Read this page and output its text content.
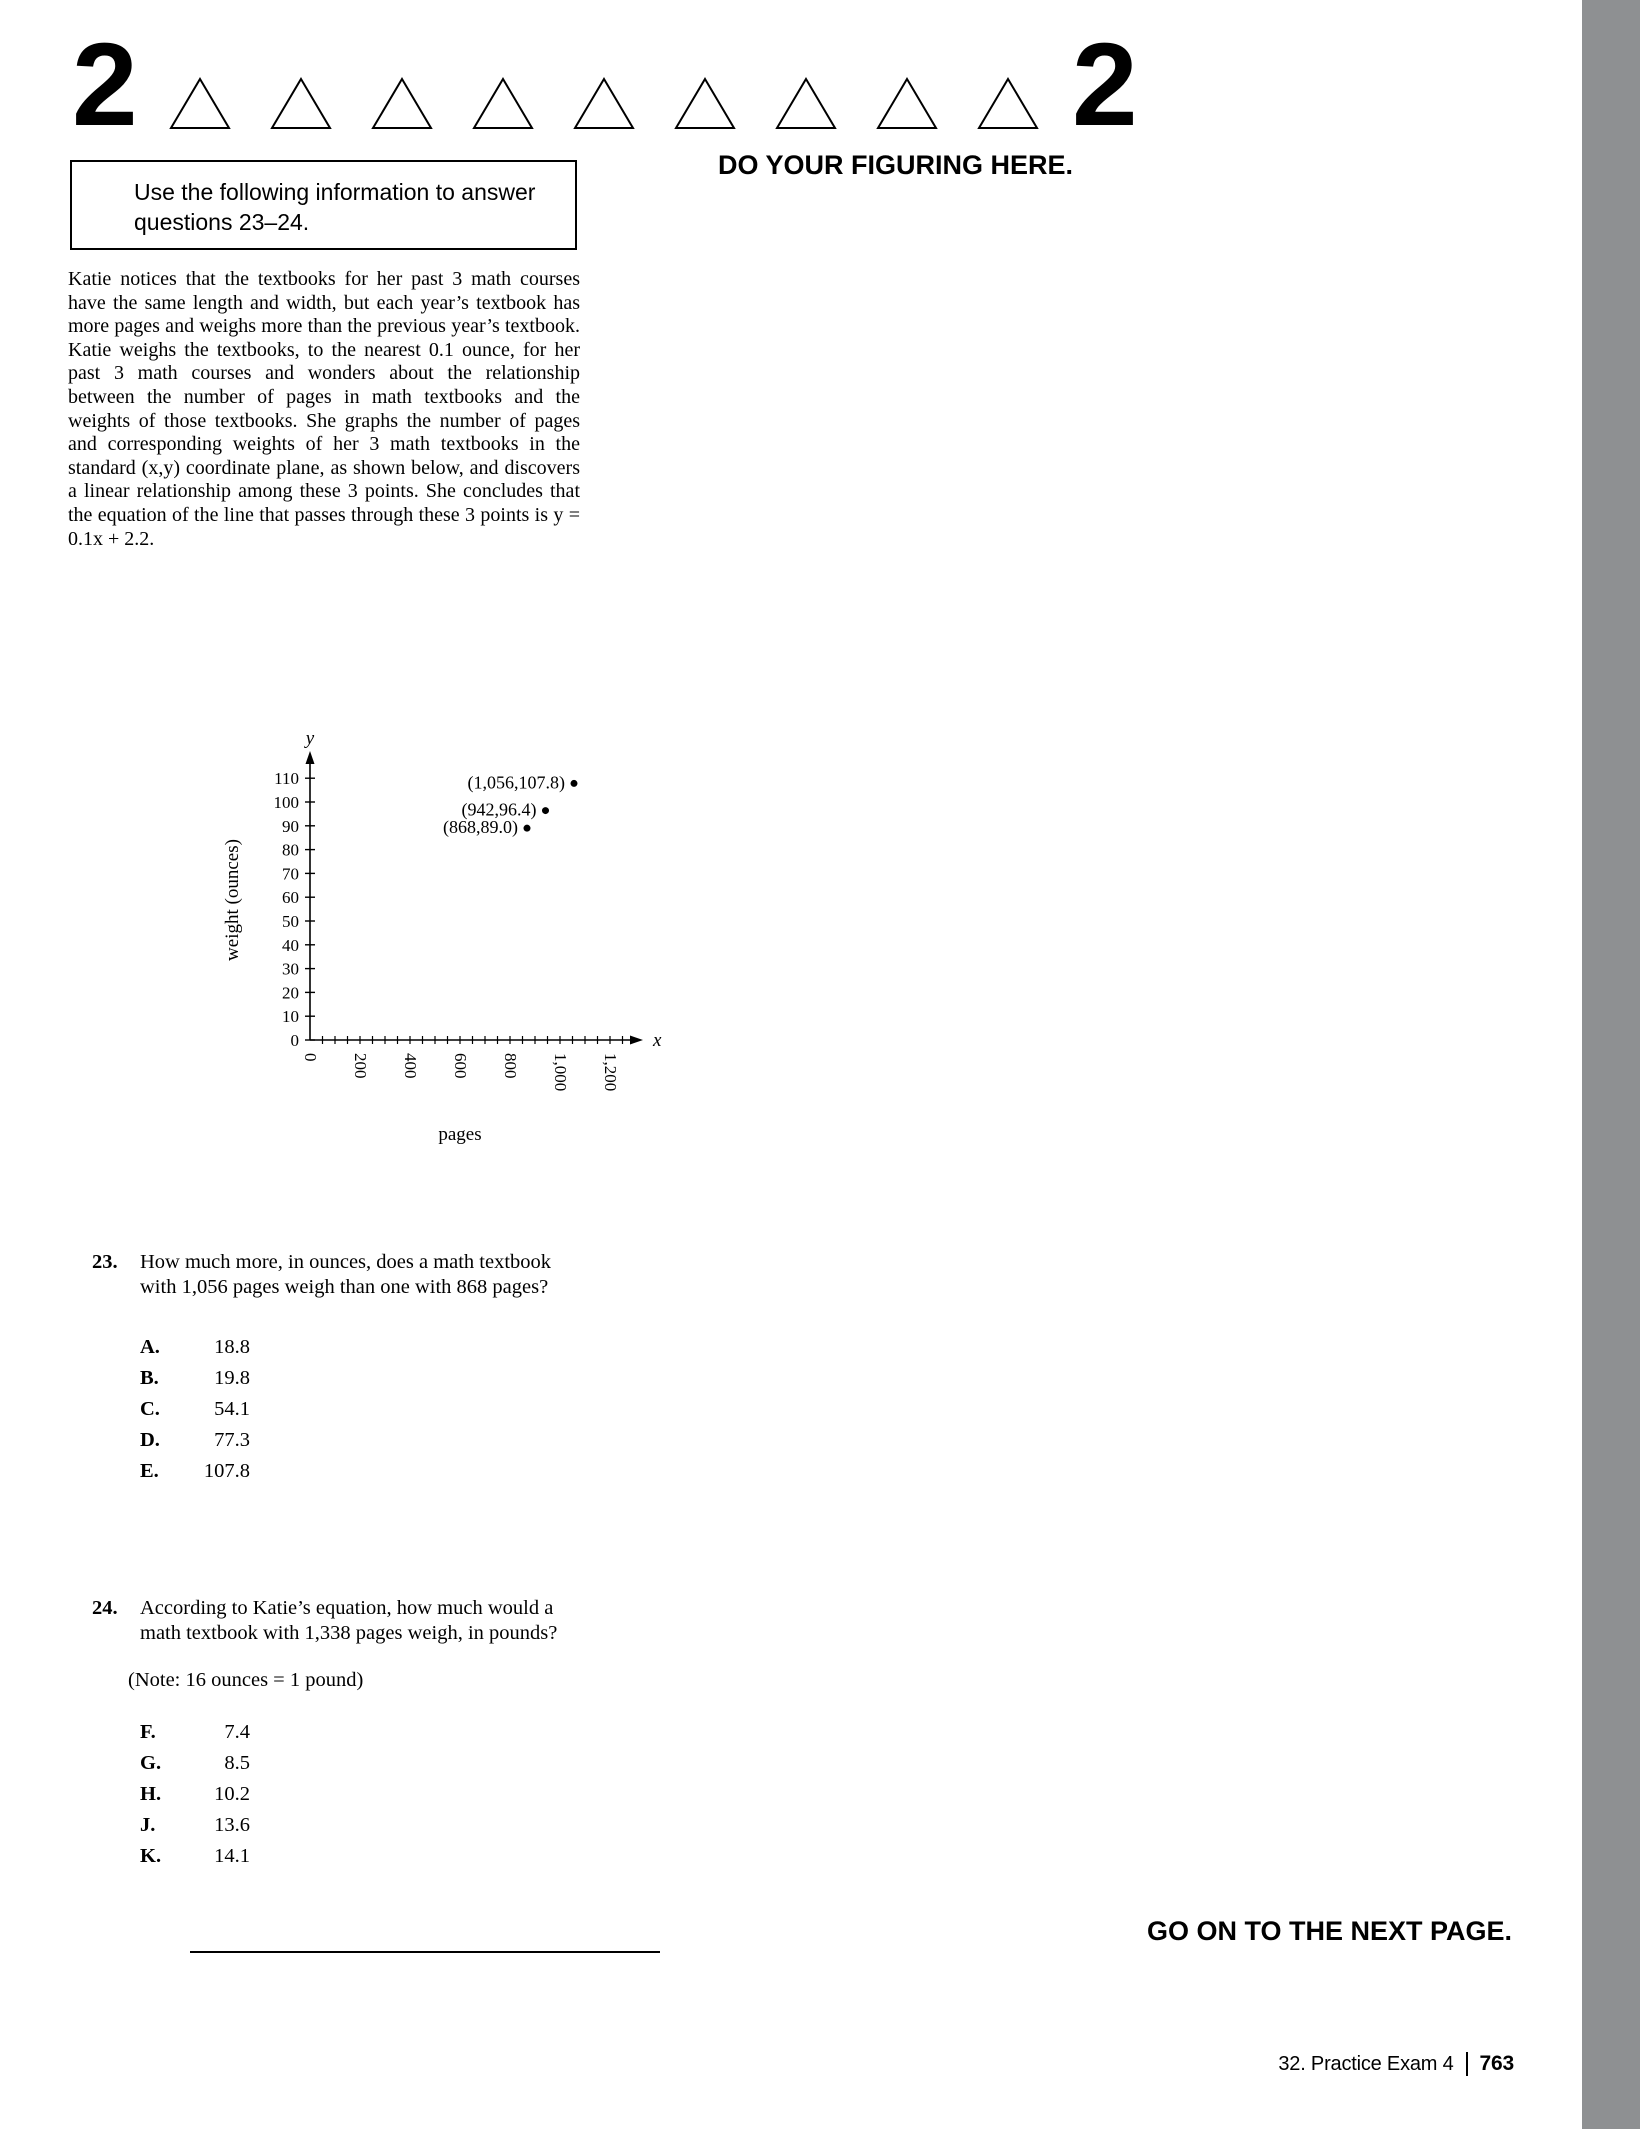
2	2
DO YOUR FIGURING HERE.
Use the following information to answer questions 23–24.

Katie notices that the textbooks for her past 3 math courses have the same length and width, but each year’s textbook has more pages and weighs more than the previous year’s textbook. Katie weighs the textbooks, to the nearest 0.1 ounce, for her past 3 math courses and wonders about the relationship between the number of pages in math textbooks and the weights of those textbooks. She graphs the number of pages and corresponding weights of her 3 math textbooks in the standard (x,y) coordinate plane, as shown below, and discovers a linear relationship among these 3 points. She concludes that the equation of the line that passes through these 3 points is y = 0.1x + 2.2.

y
x
0
10
20
30
40
50
60
70
80
90
100
110
0 200 400 600 800 1,000 1,200
pages
weight (ounces)
(868,89.0)
(942,96.4)
(1,056,107.8)
23.	How much more, in ounces, does a math textbook with 1,056 pages weigh than one with 868 pages?
A.	18.8
B.	19.8
C.	54.1
D.	77.3
E.	107.8
24.	According to Katie’s equation, how much would a math textbook with 1,338 pages weigh, in pounds?
(Note: 16 ounces = 1 pound)
F.	7.4
G.	8.5
H.	10.2
J.	13.6
K.	14.1
GO ON TO THE NEXT PAGE.
32. Practice Exam 4 763
